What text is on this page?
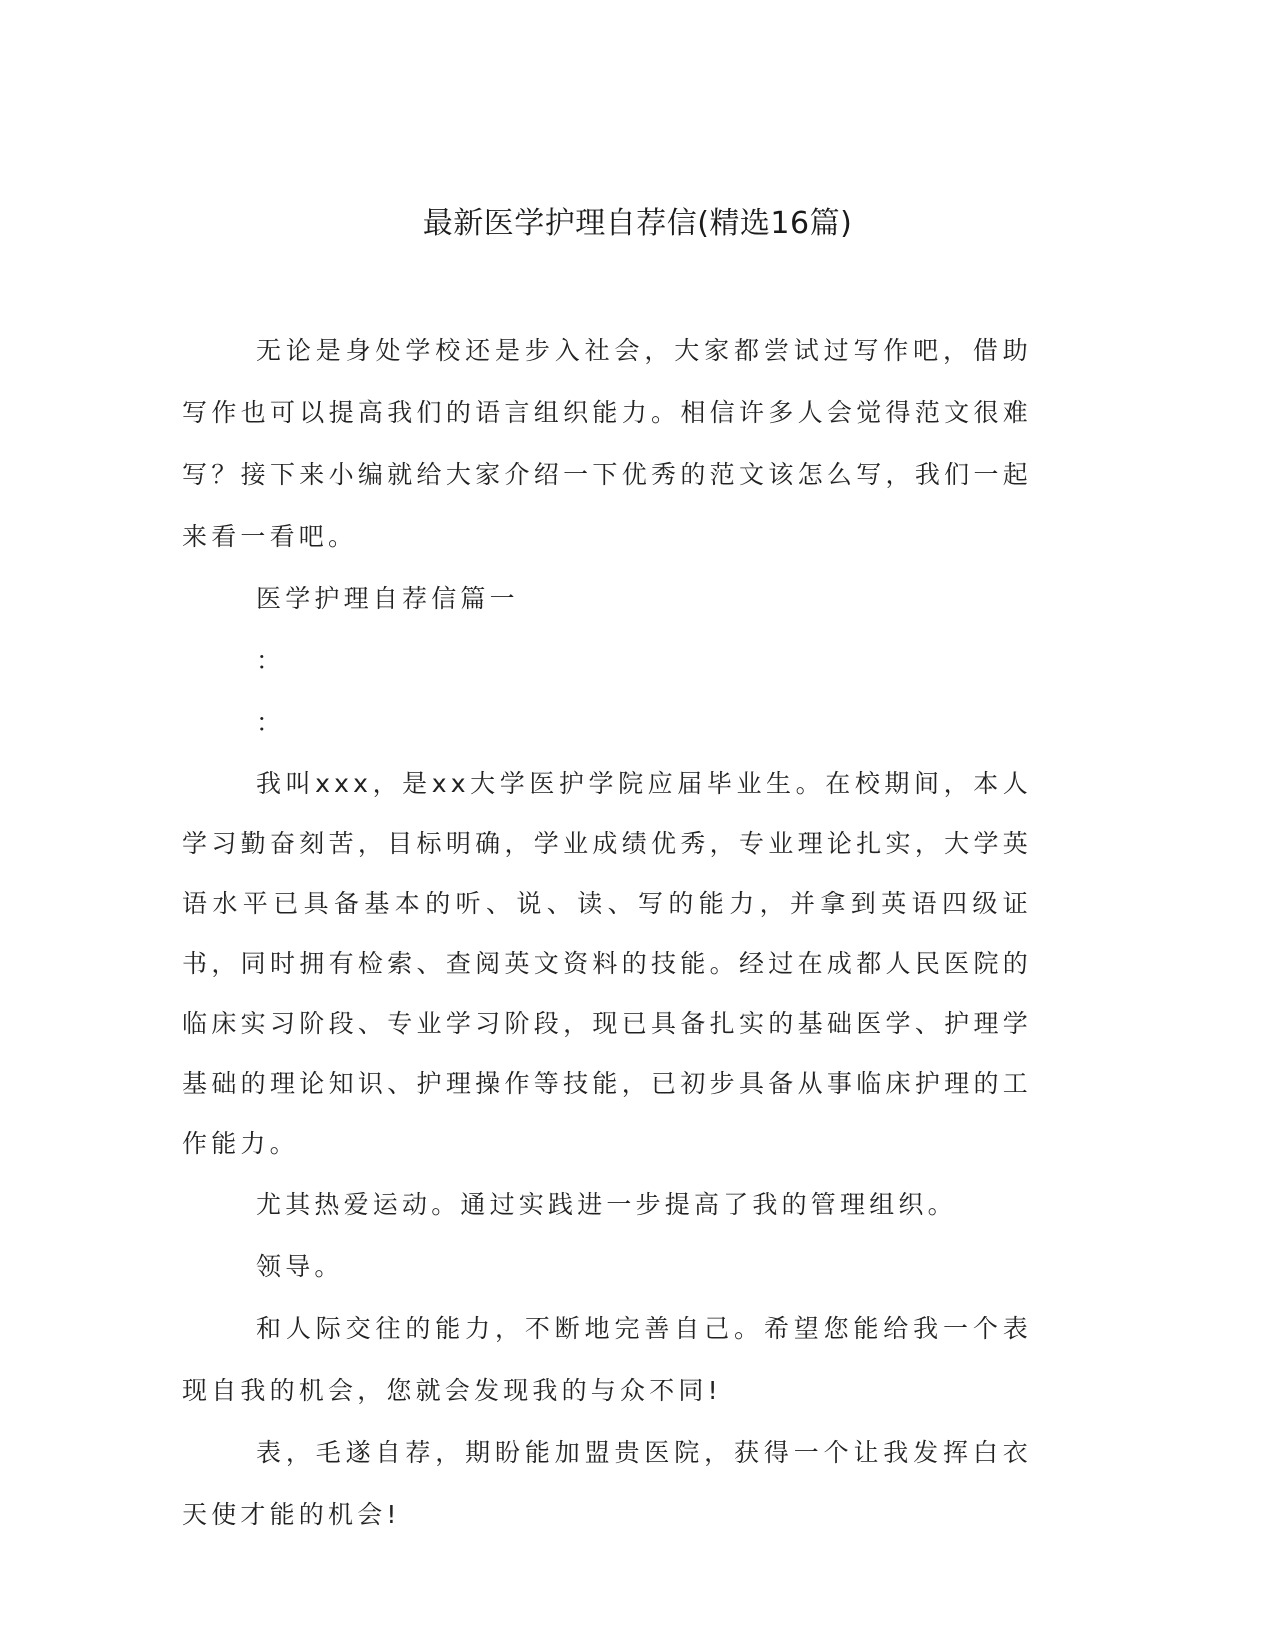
最新医学护理自荐信(精选16篇)

无论是身处学校还是步入社会，大家都尝试过写作吧，借助写作也可以提高我们的语言组织能力。相信许多人会觉得范文很难写？接下来小编就给大家介绍一下优秀的范文该怎么写，我们一起来看一看吧。

医学护理自荐信篇一

：

：

我叫xxx，是xx大学医护学院应届毕业生。在校期间，本人学习勤奋刻苦，目标明确，学业成绩优秀，专业理论扎实，大学英语水平已具备基本的听、说、读、写的能力，并拿到英语四级证书，同时拥有检索、查阅英文资料的技能。经过在成都人民医院的临床实习阶段、专业学习阶段，现已具备扎实的基础医学、护理学基础的理论知识、护理操作等技能，已初步具备从事临床护理的工作能力。

尤其热爱运动。通过实践进一步提高了我的管理组织。

领导。

和人际交往的能力，不断地完善自己。希望您能给我一个表现自我的机会，您就会发现我的与众不同!

表，毛遂自荐，期盼能加盟贵医院，获得一个让我发挥白衣天使才能的机会!
